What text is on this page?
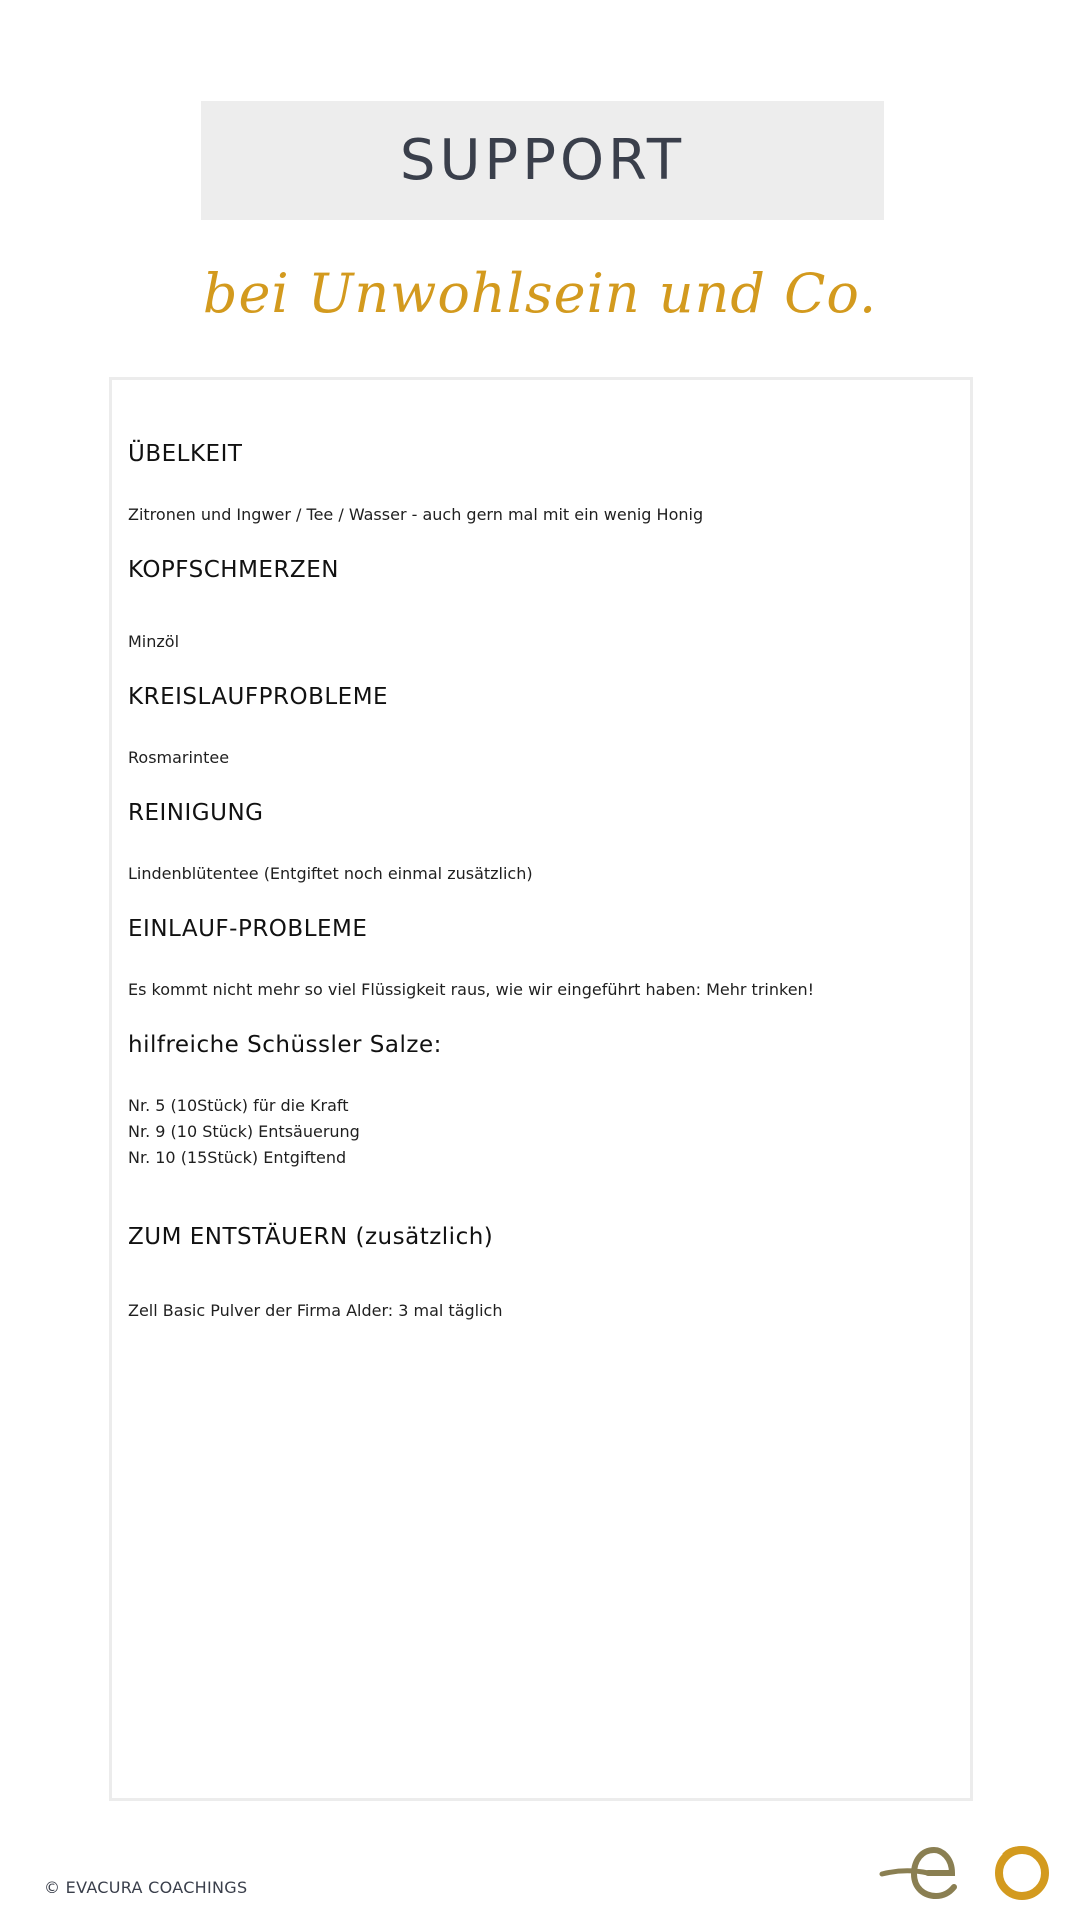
SUPPORT
bei Unwohlsein und Co.
ÜBELKEIT

Zitronen und Ingwer / Tee / Wasser - auch gern mal mit ein wenig Honig

KOPFSCHMERZEN

Minzöl

KREISLAUFPROBLEME

Rosmarintee

REINIGUNG

Lindenblütentee (Entgiftet noch einmal zusätzlich)

EINLAUF-PROBLEME

Es kommt nicht mehr so viel Flüssigkeit raus, wie wir eingeführt haben: Mehr trinken!

hilfreiche Schüssler Salze:

Nr. 5 (10Stück) für die Kraft

Nr. 9 (10 Stück) Entsäuerung

Nr. 10 (15Stück) Entgiftend

ZUM ENTSTÄUERN (zusätzlich)

Zell Basic Pulver der Firma Alder: 3 mal täglich

© EVACURA COACHINGS
